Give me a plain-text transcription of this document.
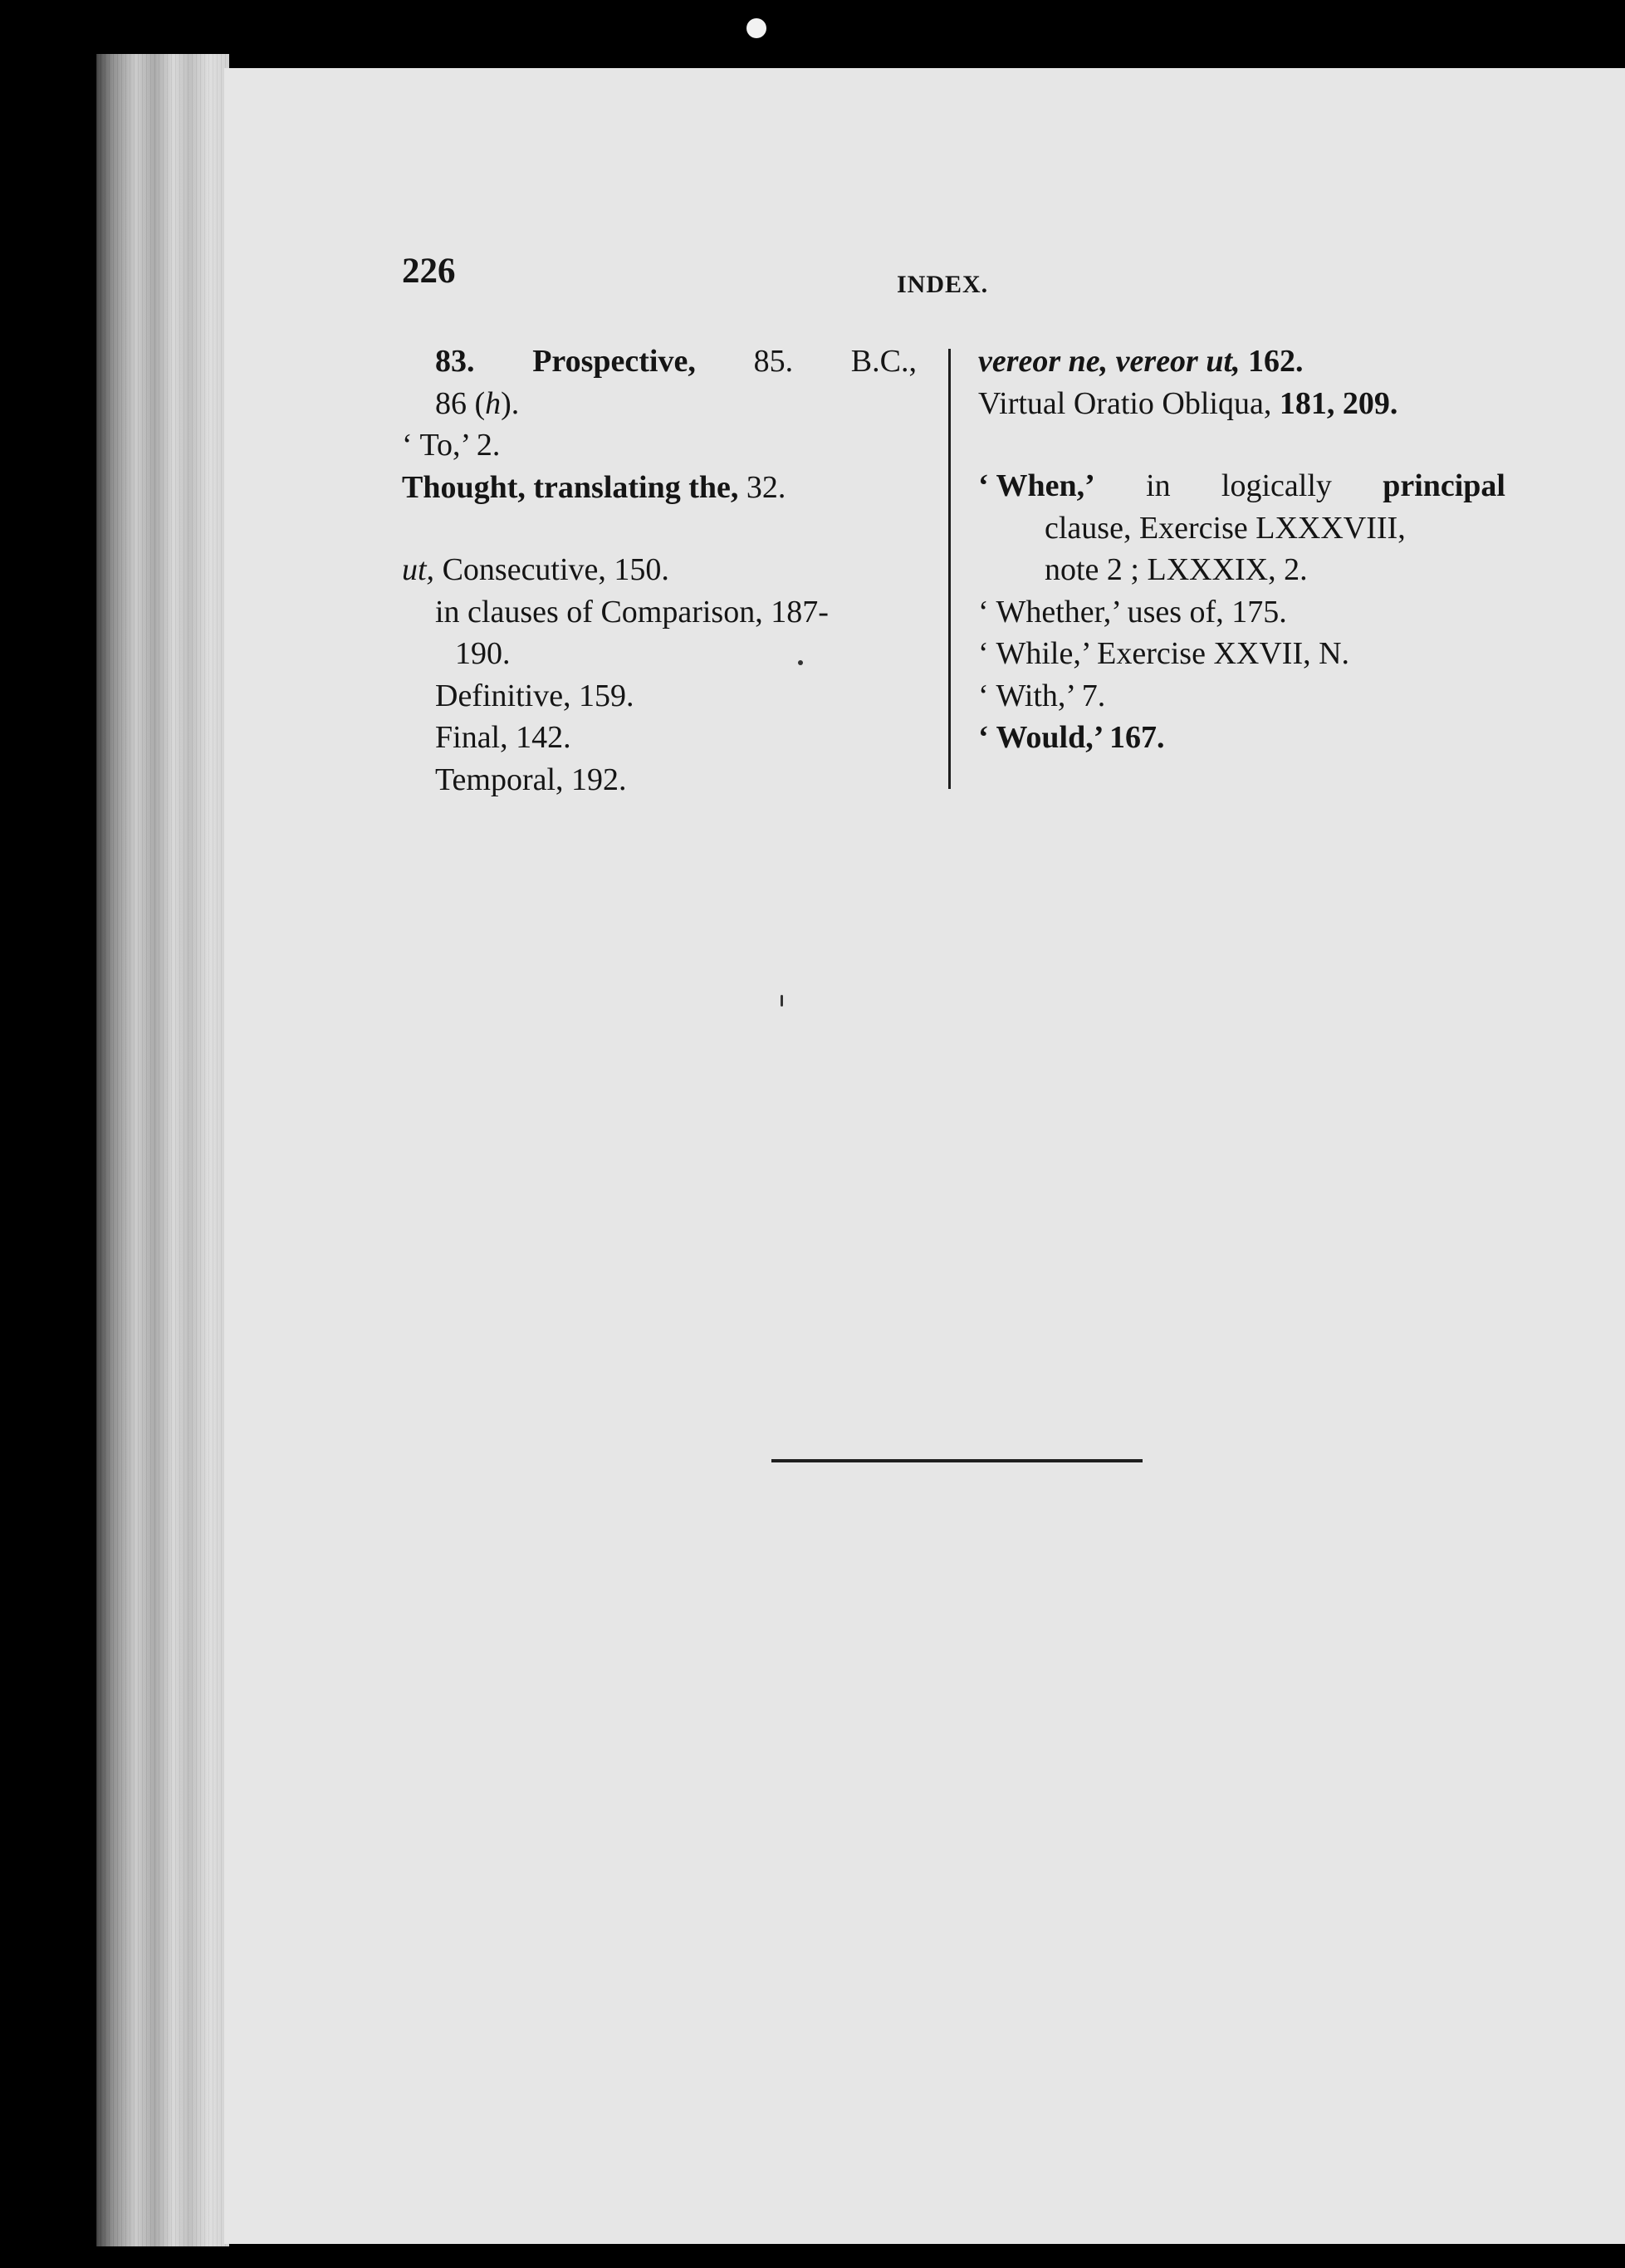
226	INDEX.
83. Prospective, 85. B.C.,
86 (h).
‘ To,’ 2.
Thought, translating the, 32.
ut, Consecutive, 150.
in clauses of Comparison, 187-
190.
Definitive, 159.
Final, 142.
Temporal, 192.
vereor ne, vereor ut, 162.
Virtual Oratio Obliqua, 181, 209.
‘ When,’ in logically principal
clause, Exercise LXXXVIII,
note 2 ; LXXXIX, 2.
‘ Whether,’ uses of, 175.
‘ While,’ Exercise XXVII, N.
‘ With,’ 7.
‘ Would,’ 167.
